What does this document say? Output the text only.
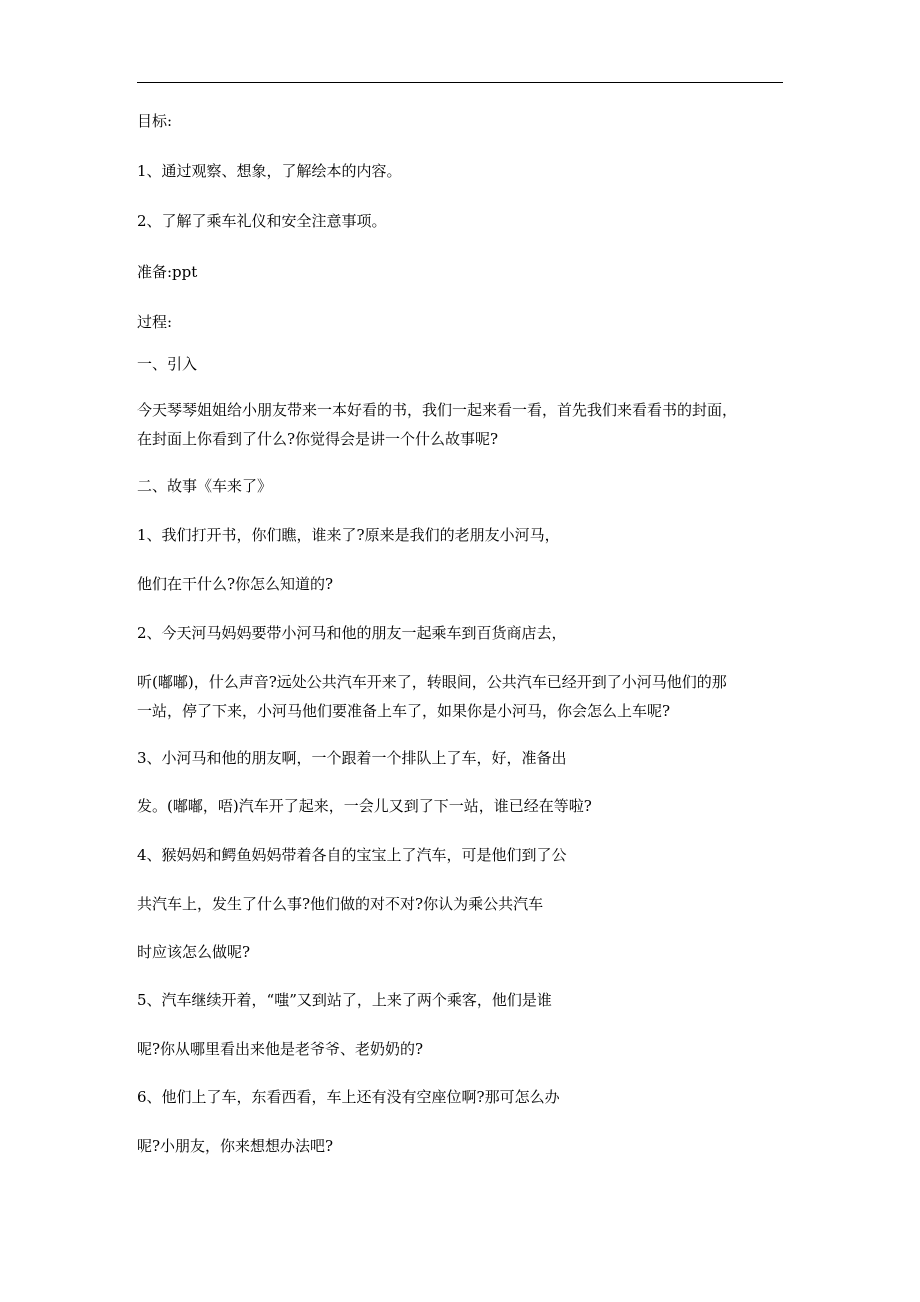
目标:
1、通过观察、想象，了解绘本的内容。
2、了解了乘车礼仪和安全注意事项。
准备:ppt
过程:
一、引入
今天琴琴姐姐给小朋友带来一本好看的书，我们一起来看一看，首先我们来看看书的封面，
在封面上你看到了什么?你觉得会是讲一个什么故事呢?
二、故事《车来了》
1、我们打开书，你们瞧，谁来了?原来是我们的老朋友小河马，
他们在干什么?你怎么知道的?
2、今天河马妈妈要带小河马和他的朋友一起乘车到百货商店去，
听(嘟嘟)，什么声音?远处公共汽车开来了，转眼间，公共汽车已经开到了小河马他们的那
一站，停了下来，小河马他们要准备上车了，如果你是小河马，你会怎么上车呢?
3、小河马和他的朋友啊，一个跟着一个排队上了车，好，准备出
发。(嘟嘟，唔)汽车开了起来，一会儿又到了下一站，谁已经在等啦?
4、猴妈妈和鳄鱼妈妈带着各自的宝宝上了汽车，可是他们到了公
共汽车上，发生了什么事?他们做的对不对?你认为乘公共汽车
时应该怎么做呢?
5、汽车继续开着，“嗤”又到站了，上来了两个乘客，他们是谁
呢?你从哪里看出来他是老爷爷、老奶奶的?
6、他们上了车，东看西看，车上还有没有空座位啊?那可怎么办
呢?小朋友，你来想想办法吧?
